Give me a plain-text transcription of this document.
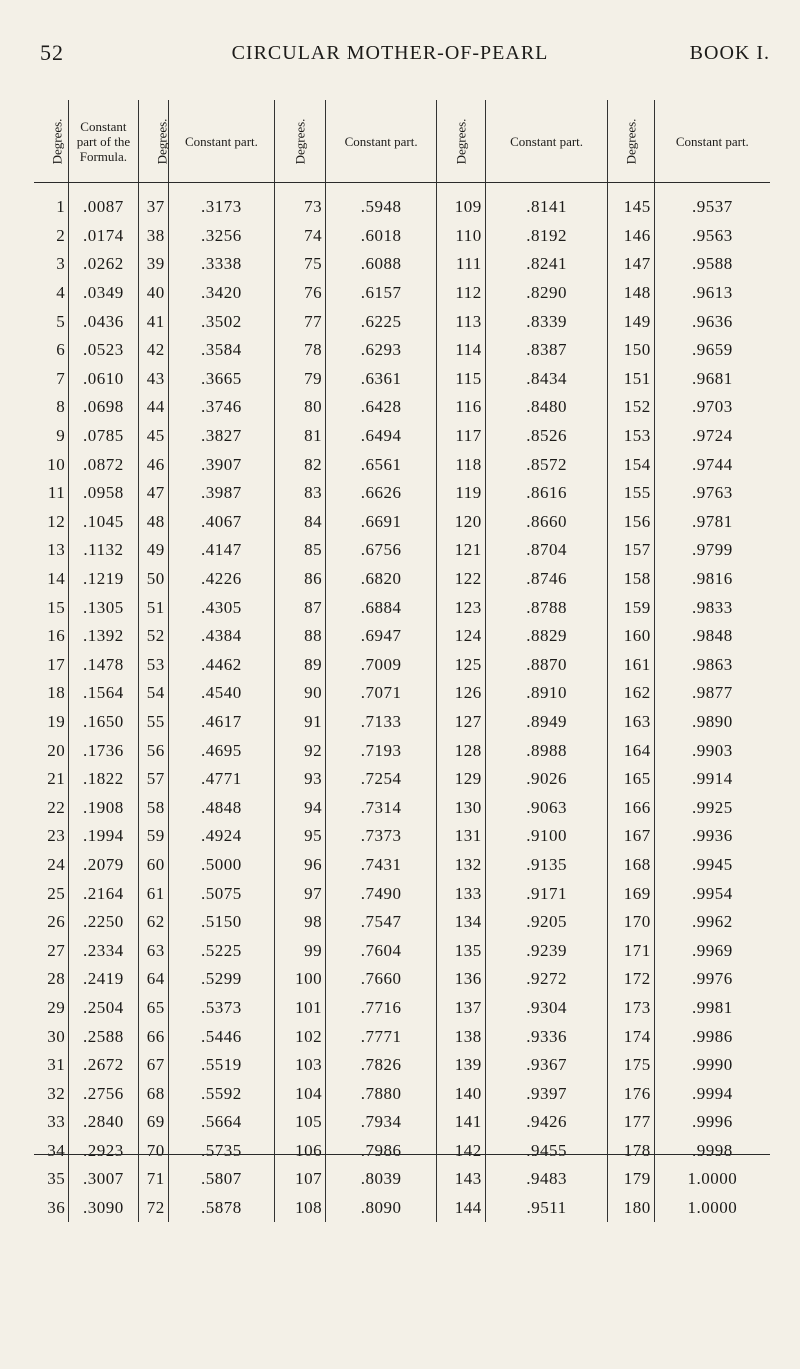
52	CIRCULAR MOTHER-OF-PEARL	BOOK I.
Degrees.	Constant part of the Formula.	Degrees.	Constant part.	Degrees.	Constant part.	Degrees.	Constant part.	Degrees.	Constant part.
1	.0087	37	.3173	73	.5948	109	.8141	145	.9537
2	.0174	38	.3256	74	.6018	110	.8192	146	.9563
3	.0262	39	.3338	75	.6088	111	.8241	147	.9588
4	.0349	40	.3420	76	.6157	112	.8290	148	.9613
5	.0436	41	.3502	77	.6225	113	.8339	149	.9636
6	.0523	42	.3584	78	.6293	114	.8387	150	.9659
7	.0610	43	.3665	79	.6361	115	.8434	151	.9681
8	.0698	44	.3746	80	.6428	116	.8480	152	.9703
9	.0785	45	.3827	81	.6494	117	.8526	153	.9724
10	.0872	46	.3907	82	.6561	118	.8572	154	.9744
11	.0958	47	.3987	83	.6626	119	.8616	155	.9763
12	.1045	48	.4067	84	.6691	120	.8660	156	.9781
13	.1132	49	.4147	85	.6756	121	.8704	157	.9799
14	.1219	50	.4226	86	.6820	122	.8746	158	.9816
15	.1305	51	.4305	87	.6884	123	.8788	159	.9833
16	.1392	52	.4384	88	.6947	124	.8829	160	.9848
17	.1478	53	.4462	89	.7009	125	.8870	161	.9863
18	.1564	54	.4540	90	.7071	126	.8910	162	.9877
19	.1650	55	.4617	91	.7133	127	.8949	163	.9890
20	.1736	56	.4695	92	.7193	128	.8988	164	.9903
21	.1822	57	.4771	93	.7254	129	.9026	165	.9914
22	.1908	58	.4848	94	.7314	130	.9063	166	.9925
23	.1994	59	.4924	95	.7373	131	.9100	167	.9936
24	.2079	60	.5000	96	.7431	132	.9135	168	.9945
25	.2164	61	.5075	97	.7490	133	.9171	169	.9954
26	.2250	62	.5150	98	.7547	134	.9205	170	.9962
27	.2334	63	.5225	99	.7604	135	.9239	171	.9969
28	.2419	64	.5299	100	.7660	136	.9272	172	.9976
29	.2504	65	.5373	101	.7716	137	.9304	173	.9981
30	.2588	66	.5446	102	.7771	138	.9336	174	.9986
31	.2672	67	.5519	103	.7826	139	.9367	175	.9990
32	.2756	68	.5592	104	.7880	140	.9397	176	.9994
33	.2840	69	.5664	105	.7934	141	.9426	177	.9996
34	.2923	70	.5735	106	.7986	142	.9455	178	.9998
35	.3007	71	.5807	107	.8039	143	.9483	179	1.0000
36	.3090	72	.5878	108	.8090	144	.9511	180	1.0000
